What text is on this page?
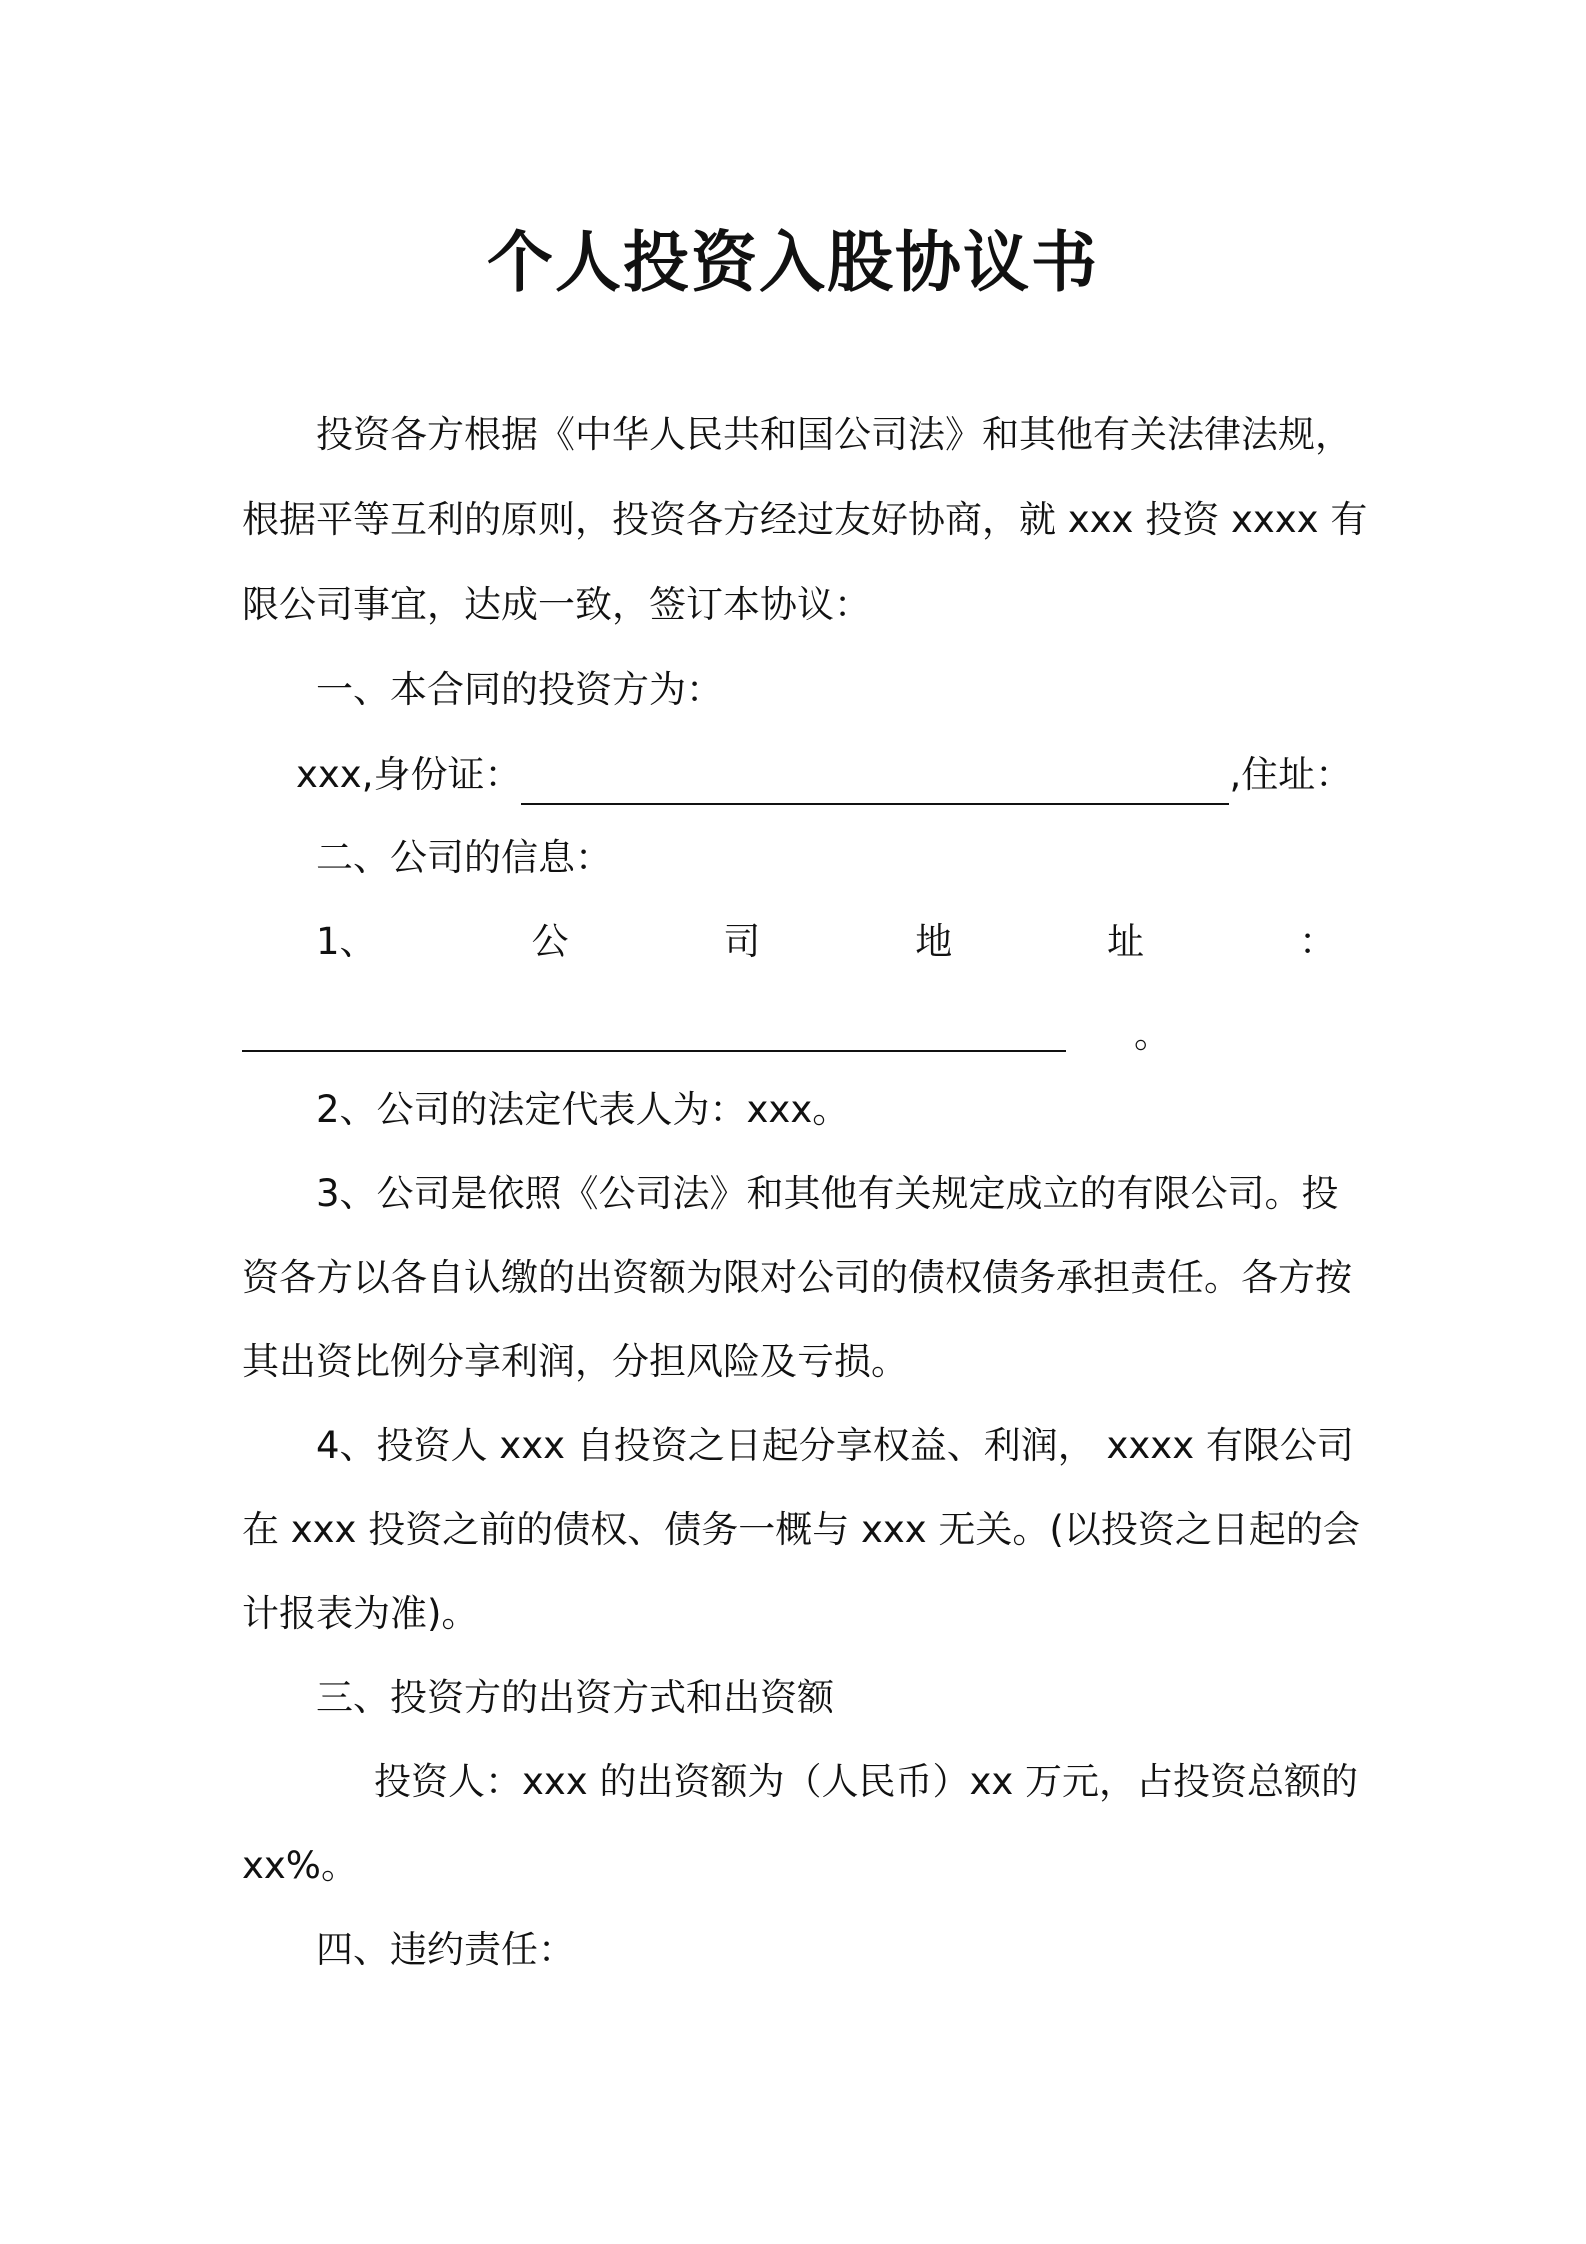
个人投资入股协议书
投资各方根据《中华人民共和国公司法》和其他有关法律法规，
根据平等互利的原则，投资各方经过友好协商，就 xxx 投资 xxxx 有
限公司事宜，达成一致，签订本协议：
一、本合同的投资方为：
xxx,身份证：	,住址：
二、公司的信息：
1、	公	司	地	址	：
。
2、公司的法定代表人为：xxx。
3、公司是依照《公司法》和其他有关规定成立的有限公司。投
资各方以各自认缴的出资额为限对公司的债权债务承担责任。各方按
其出资比例分享利润，分担风险及亏损。
4、投资人 xxx 自投资之日起分享权益、利润， xxxx 有限公司
在 xxx 投资之前的债权、债务一概与 xxx 无关。(以投资之日起的会
计报表为准)。
三、投资方的出资方式和出资额
投资人：xxx 的出资额为（人民币）xx 万元，占投资总额的
xx%。
四、违约责任：
